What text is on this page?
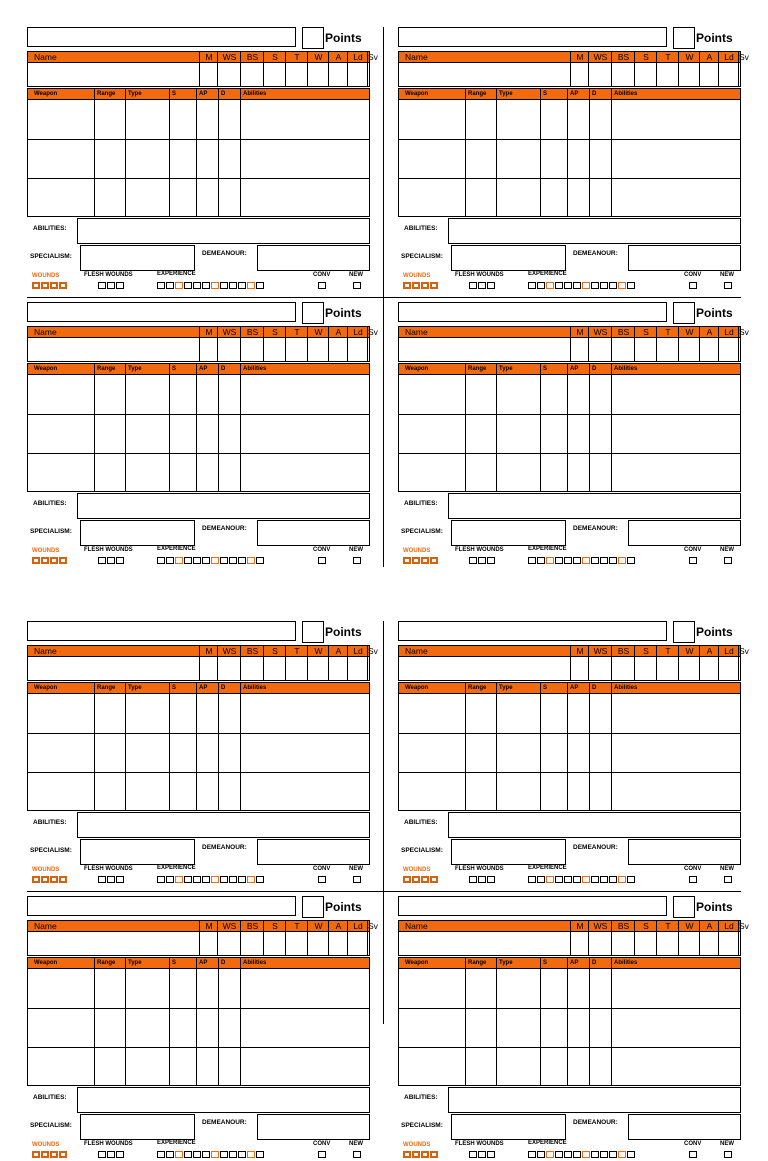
Points
Name	M	WS	BS	S	T	W	A	Ld Sv
Weapon	Range	Type	S	AP	D	Abilities
ABILITIES:
SPECIALISM:	DEMEANOUR:
WOUNDS	FLESH WOUNDS	EXPERIENCE	CONV	NEW
Points
Name	M	WS	BS	S	T	W	A	Ld Sv
Weapon	Range	Type	S	AP	D	Abilities
ABILITIES:
SPECIALISM:	DEMEANOUR:
WOUNDS	FLESH WOUNDS	EXPERIENCE	CONV	NEW
Points
Name	M	WS	BS	S	T	W	A	Ld Sv
Weapon	Range	Type	S	AP	D	Abilities
ABILITIES:
SPECIALISM:	DEMEANOUR:
WOUNDS	FLESH WOUNDS	EXPERIENCE	CONV	NEW
Points
Name	M	WS	BS	S	T	W	A	Ld Sv
Weapon	Range	Type	S	AP	D	Abilities
ABILITIES:
SPECIALISM:	DEMEANOUR:
WOUNDS	FLESH WOUNDS	EXPERIENCE	CONV	NEW
Points
Name	M	WS	BS	S	T	W	A	Ld Sv
Weapon	Range	Type	S	AP	D	Abilities
ABILITIES:
SPECIALISM:	DEMEANOUR:
WOUNDS	FLESH WOUNDS	EXPERIENCE	CONV	NEW
Points
Name	M	WS	BS	S	T	W	A	Ld Sv
Weapon	Range	Type	S	AP	D	Abilities
ABILITIES:
SPECIALISM:	DEMEANOUR:
WOUNDS	FLESH WOUNDS	EXPERIENCE	CONV	NEW
Points
Name	M	WS	BS	S	T	W	A	Ld Sv
Weapon	Range	Type	S	AP	D	Abilities
ABILITIES:
SPECIALISM:	DEMEANOUR:
WOUNDS	FLESH WOUNDS	EXPERIENCE	CONV	NEW
Points
Name	M	WS	BS	S	T	W	A	Ld Sv
Weapon	Range	Type	S	AP	D	Abilities
ABILITIES:
SPECIALISM:	DEMEANOUR:
WOUNDS	FLESH WOUNDS	EXPERIENCE	CONV	NEW
